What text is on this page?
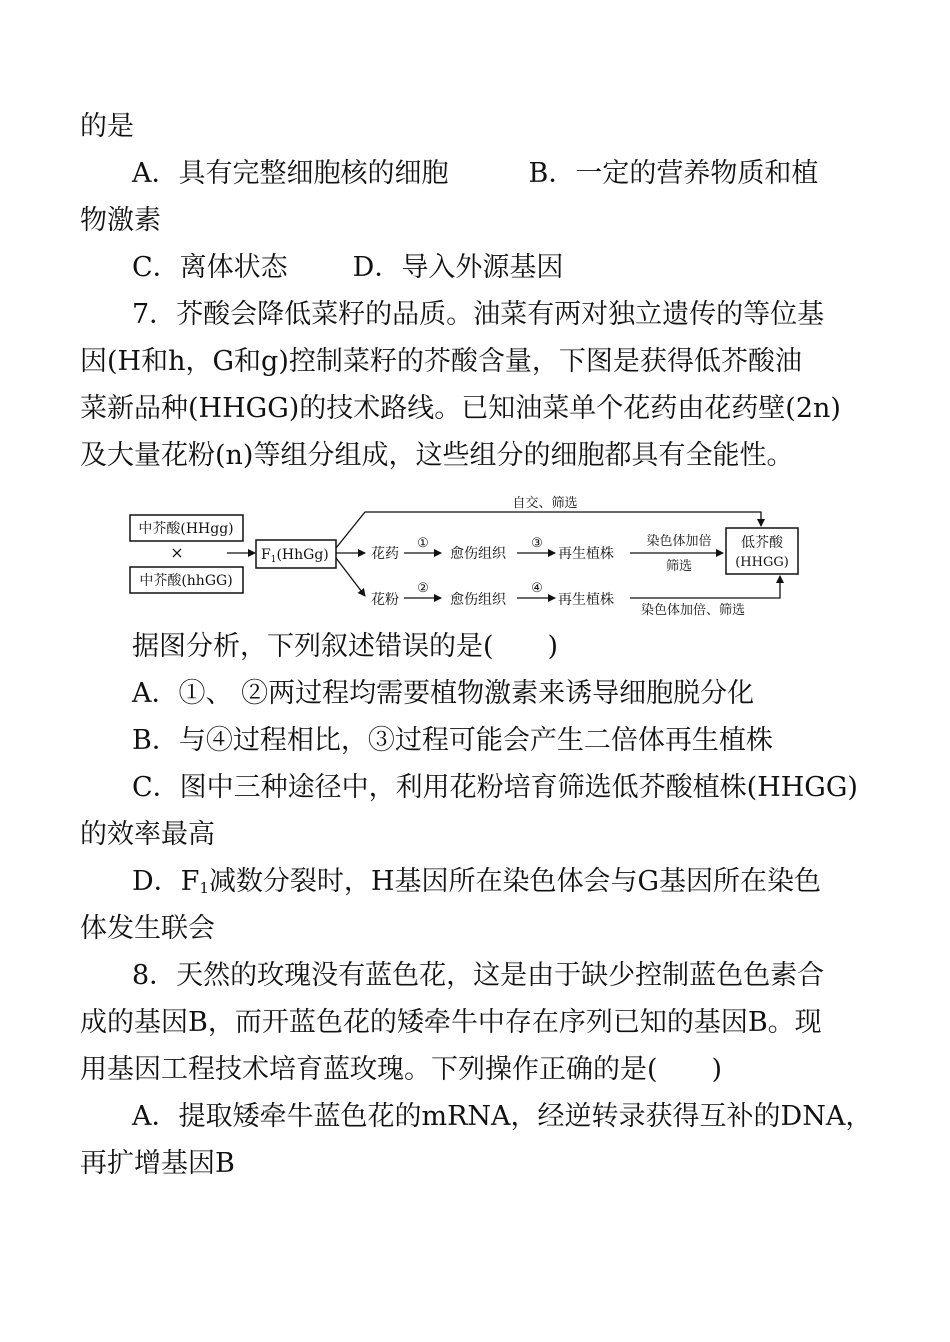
的是
A．具有完整细胞核的细胞	B．一定的营养物质和植
物激素
C．离体状态 D．导入外源基因
7．芥酸会降低菜籽的品质。油菜有两对独立遗传的等位基
因(H和h，G和g)控制菜籽的芥酸含量，下图是获得低芥酸油
菜新品种(HHGG)的技术路线。已知油菜单个花药由花药壁(2n)
及大量花粉(n)等组分组成，这些组分的细胞都具有全能性。
中芥酸(HHgg)
×
中芥酸(hhGG)
$F_1(HhGg)$
自交、筛选
花药
①
愈伤组织
③
再生植株
染色体加倍
筛选
低芥酸
(HHGG)
花粉
②
愈伤组织
④
再生植株
染色体加倍、筛选
据图分析，下列叙述错误的是(　　)
A．①、 ②两过程均需要植物激素来诱导细胞脱分化
B．与④过程相比，③过程可能会产生二倍体再生植株
C．图中三种途径中，利用花粉培育筛选低芥酸植株(HHGG)
的效率最高
D．$F_1$减数分裂时，H基因所在染色体会与G基因所在染色
体发生联会
8．天然的玫瑰没有蓝色花，这是由于缺少控制蓝色色素合
成的基因B，而开蓝色花的矮牵牛中存在序列已知的基因B。现
用基因工程技术培育蓝玫瑰。下列操作正确的是(　　)
A．提取矮牵牛蓝色花的mRNA，经逆转录获得互补的DNA，
再扩增基因B
